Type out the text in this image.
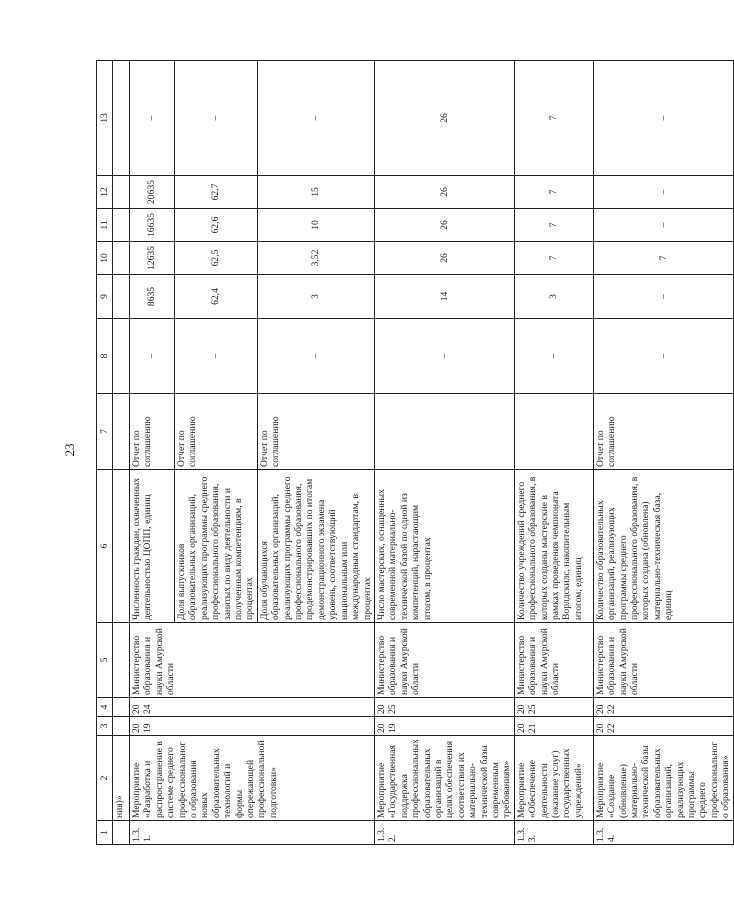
23
1	2	3	4	5	6	7	8	9	10	11	12	13
	ния)»											
1.3.1.	Мероприятие «Разработка и распространение в системе среднего профессионального образования новых образовательных технологий и формы опережающей профессиональной подготовки»	2019	2024	Министерство образования и науки Амурской области	Численность граждан, охваченных деятельностью ЦОПП, единиц	Отчет по соглашению	–	8635	12635	16635	20635	–
					Доля выпускников образовательных организаций, реализующих программы среднего профессионального образования, занятых по виду деятельности и полученным компетенциям, в процентах	Отчет по соглашению	–	62,4	62,5	62,6	62,7	–
					Доля обучающихся образовательных организаций, реализующих программы среднего профессионального образования, продемонстрировавших по итогам демонстрационного экзамена уровень, соответствующий национальным или международным стандартам, в процентах	Отчет по соглашению	–	3	3,52	10	15	–
1.3.2.	Мероприятие «Государственная поддержка профессиональных образовательных организаций в целях обеспечения соответствия их материально-технической базы современным требованиям»	2019	2025	Министерство образования и науки Амурской области	Число мастерских, оснащенных современной материально-технической базой по одной из компетенций, нарастающим итогом, в процентах		–	14	26	26	26	26
1.3.3.	Мероприятие «Обеспечение деятельности (оказание услуг) государственных учреждений»	2021	2025	Министерство образования и науки Амурской области	Количество учреждений среднего профессионального образования, в которых созданы мастерские в рамках проведения чемпионата Ворлдскилс, накопительным итогом, единиц		–	3	7	7	7	7
1.3.4.	Мероприятие «Создание (обновление) материально-технической базы образовательных организаций, реализующих программы среднего профессионального образования»	2022	2022	Министерство образования и науки Амурской области	Количество образовательных организаций, реализующих программы среднего профессионального образования, в которых создана (обновлена) материально-техническая база, единиц	Отчет по соглашению	–	–	7	–	–	–
